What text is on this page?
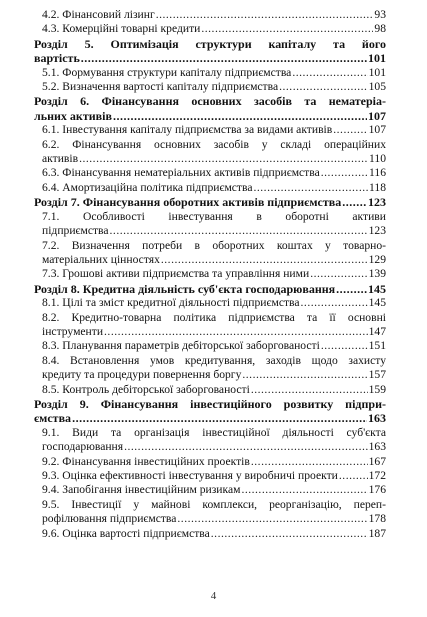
4.2. Фінансовий лізинг .....	93
4.3. Комерційні товарні кредити .....	98
Розділ 5. Оптимізація структури капіталу та його
вартість .....	101
5.1. Формування структури капіталу підприємства .....	101
5.2. Визначення вартості капіталу підприємства .....	105
Розділ 6. Фінансування основних засобів та нематеріа-
льних активів .....	107
6.1. Інвестування капіталу підприємства за видами активів .....	107
6.2. Фінансування основних засобів у складі операційних
активів .....	110
6.3. Фінансування нематеріальних активів підприємства .....	116
6.4. Амортизаційна політика підприємства .....	118
Розділ 7. Фінансування оборотних активів підприємства ..... 123
7.1. Особливості інвестування в оборотні активи
підприємства .....	123
7.2. Визначення потреби в оборотних коштах у товарно-
матеріальних цінностях .....	129
7.3. Грошові активи підприємства та управління ними .....	139
Розділ 8. Кредитна діяльність суб'єкта господарювання .....	145
8.1. Цілі та зміст кредитної діяльності підприємства .....	145
8.2. Кредитно-товарна політика підприємства та її основні
інструменти .....	147
8.3. Планування параметрів дебіторської заборгованості .....	151
8.4. Встановлення умов кредитування, заходів щодо захисту
кредиту та процедури повернення боргу .....	157
8.5. Контроль дебіторської заборгованості .....	159
Розділ 9. Фінансування інвестиційного розвитку підпри-
ємства .....	163
9.1. Види та організація інвестиційної діяльності суб'єкта
господарювання .....	163
9.2. Фінансування інвестиційних проектів .....	167
9.3. Оцінка ефективності інвестування у виробничі проекти .....	172
9.4. Запобігання інвестиційним ризикам .....	176
9.5. Інвестиції у майнові комплекси, реорганізацію, переп-
рофілювання підприємства .....	178
9.6. Оцінка вартості підприємства .....	187
4
